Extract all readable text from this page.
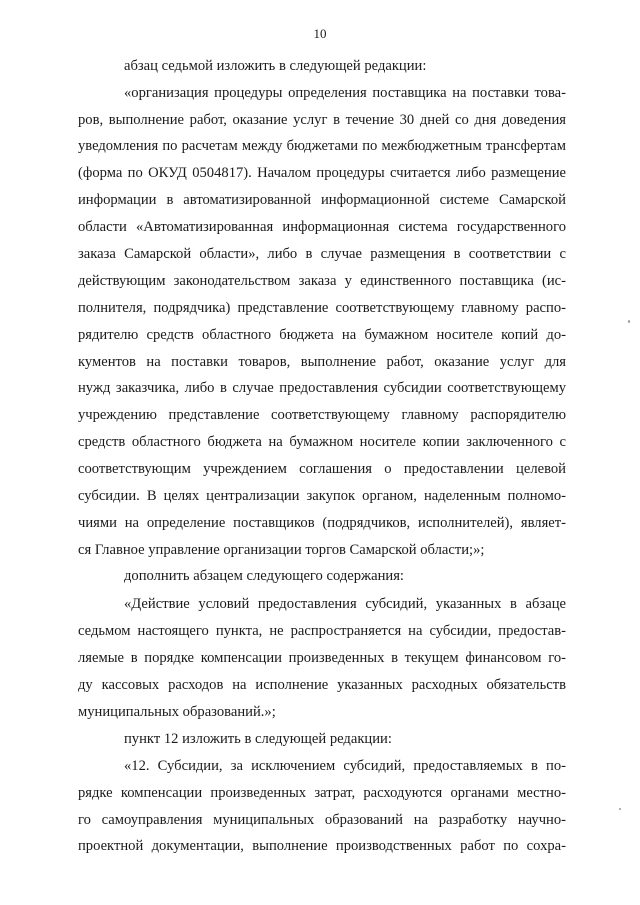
10
абзац седьмой изложить в следующей редакции:
«организация процедуры определения поставщика на поставки това-
ров, выполнение работ, оказание услуг в течение 30 дней со дня доведения
уведомления по расчетам между бюджетами по межбюджетным трансфертам
(форма по ОКУД 0504817). Началом процедуры считается либо размещение
информации в автоматизированной информационной системе Самарской
области «Автоматизированная информационная система государственного
заказа Самарской области», либо в случае размещения в соответствии с
действующим законодательством заказа у единственного поставщика (ис-
полнителя, подрядчика) представление соответствующему главному распо-
рядителю средств областного бюджета на бумажном носителе копий до-
кументов на поставки товаров, выполнение работ, оказание услуг для
нужд заказчика, либо в случае предоставления субсидии соответствующему
учреждению представление соответствующему главному распорядителю
средств областного бюджета на бумажном носителе копии заключенного с
соответствующим учреждением соглашения о предоставлении целевой
субсидии. В целях централизации закупок органом, наделенным полномо-
чиями на определение поставщиков (подрядчиков, исполнителей), являет-
ся Главное управление организации торгов Самарской области;»;
дополнить абзацем следующего содержания:
«Действие условий предоставления субсидий, указанных в абзаце
седьмом настоящего пункта, не распространяется на субсидии, предостав-
ляемые в порядке компенсации произведенных в текущем финансовом го-
ду кассовых расходов на исполнение указанных расходных обязательств
муниципальных образований.»;
пункт 12 изложить в следующей редакции:
«12. Субсидии, за исключением субсидий, предоставляемых в по-
рядке компенсации произведенных затрат, расходуются органами местно-
го самоуправления муниципальных образований на разработку научно-
проектной документации, выполнение производственных работ по сохра-
